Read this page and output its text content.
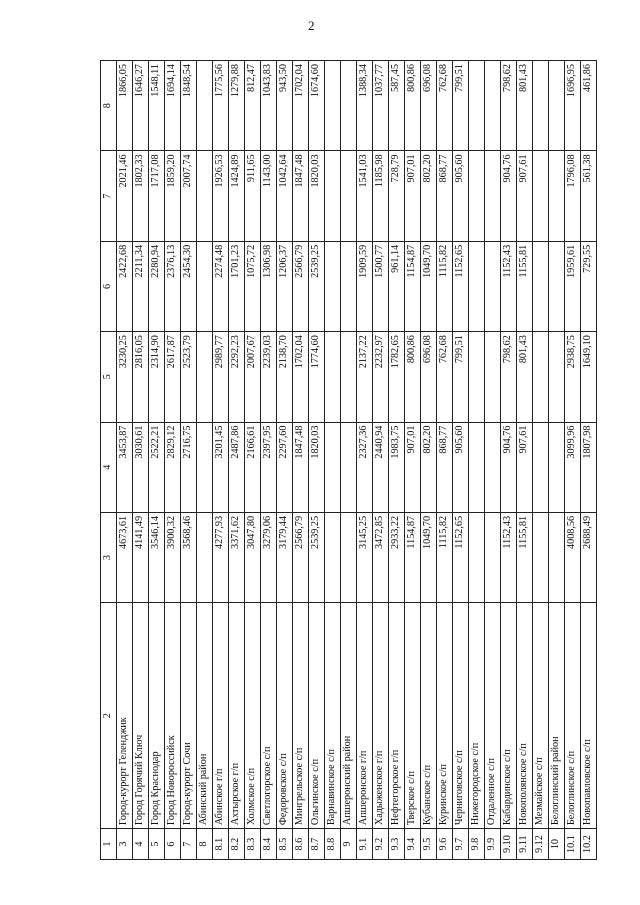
2
1	2	3	4	5	6	7	8
3	Город-курорт Геленджик	4673,61	3453,87	3230,25	2422,68	2021,46	1866,05
4	Город Горячий Ключ	4141,49	3030,61	2816,05	2211,34	1802,33	1646,27
5	Город Краснодар	3546,14	2522,21	2314,90	2280,94	1717,08	1548,11
6	Город Новороссийск	3900,32	2829,12	2617,87	2376,13	1859,20	1694,14
7	Город-курорт Сочи	3568,46	2716,75	2523,79	2454,30	2007,74	1848,54
8	Абинский район						
8.1	Абинское г/п	4277,93	3201,45	2989,77	2274,48	1926,53	1775,56
8.2	Ахтырское г/п	3371,62	2487,86	2292,23	1701,23	1424,89	1279,88
8.3	Холмское с/п	3047,80	2166,61	2007,67	1075,72	911,65	812,47
8.4	Светлогорское с/п	3279,06	2397,95	2239,03	1306,98	1143,00	1043,83
8.5	Федоровское с/п	3179,44	2297,60	2138,70	1206,37	1042,64	943,50
8.6	Мингрельское с/п	2566,79	1847,48	1702,04	2566,79	1847,48	1702,04
8.7	Ольгинское с/п	2539,25	1820,03	1774,60	2539,25	1820,03	1674,60
8.8	Варнавинское с/п						
9	Апшеронский район						
9.1	Апшеронское г/п	3145,25	2327,36	2137,22	1909,59	1541,03	1388,34
9.2	Хадыженское г/п	3472,85	2440,94	2232,97	1500,77	1185,98	1037,77
9.3	Нефтегорское г/п	2933,22	1983,75	1782,65	961,14	728,79	587,45
9.4	Тверское с/п	1154,87	907,01	800,86	1154,87	907,01	800,86
9.5	Кубанское с/п	1049,70	802,20	696,08	1049,70	802,20	696,08
9.6	Куринское с/п	1115,82	868,77	762,68	1115,82	868,77	762,68
9.7	Черниговское с/п	1152,65	905,60	799,51	1152,65	905,60	799,51
9.8	Нижегородское с/п						
9.9	Отдаленное с/п						
9.10	Кабардинское с/п	1152,43	904,76	798,62	1152,43	904,76	798,62
9.11	Новополянское с/п	1155,81	907,61	801,43	1155,81	907,61	801,43
9.12	Мезмайское с/п						
10	Белоглинский район						
10.1	Белоглинское с/п	4008,56	3099,96	2938,75	1959,61	1796,08	1696,95
10.2	Новопавловское с/п	2688,49	1807,98	1649,10	729,55	561,38	461,86
